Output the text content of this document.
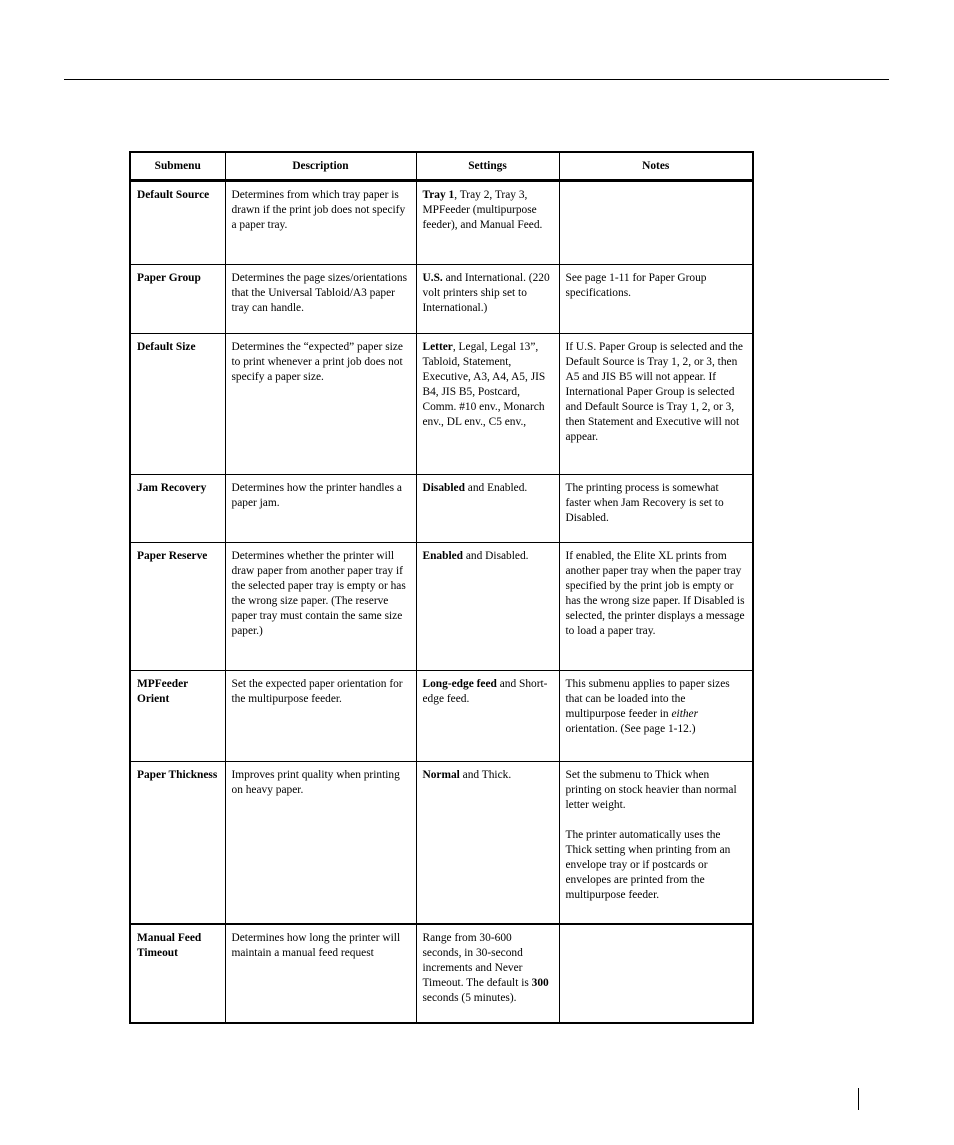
Submenu	Description	Settings	Notes
Default Source	Determines from which tray paper is drawn if the print job does not specify a paper tray.	Tray 1, Tray 2, Tray 3, MPFeeder (multipurpose feeder), and Manual Feed.	
Paper Group	Determines the page sizes/orientations that the Universal Tabloid/A3 paper tray can handle.	U.S. and International. (220 volt printers ship set to International.)	See page 1-11 for Paper Group specifications.
Default Size	Determines the “expected” paper size to print whenever a print job does not specify a paper size.	Letter, Legal, Legal 13”, Tabloid, Statement, Executive, A3, A4, A5, JIS B4, JIS B5, Postcard, Comm. #10 env., Monarch env., DL env., C5 env.,	If U.S. Paper Group is selected and the Default Source is Tray 1, 2, or 3, then A5 and JIS B5 will not appear. If International Paper Group is selected and Default Source is Tray 1, 2, or 3, then Statement and Executive will not appear.
Jam Recovery	Determines how the printer handles a paper jam.	Disabled and Enabled.	The printing process is somewhat faster when Jam Recovery is set to Disabled.
Paper Reserve	Determines whether the printer will draw paper from another paper tray if the selected paper tray is empty or has the wrong size paper. (The reserve paper tray must contain the same size paper.)	Enabled and Disabled.	If enabled, the Elite XL prints from another paper tray when the paper tray specified by the print job is empty or has the wrong size paper. If Disabled is selected, the printer displays a message to load a paper tray.
MPFeeder Orient	Set the expected paper orientation for the multipurpose feeder.	Long-edge feed and Short-edge feed.	This submenu applies to paper sizes that can be loaded into the multipurpose feeder in either orientation. (See page 1-12.)
Paper Thickness	Improves print quality when printing on heavy paper.	Normal and Thick.	Set the submenu to Thick when printing on stock heavier than normal letter weight.
The printer automatically uses the Thick setting when printing from an envelope tray or if postcards or envelopes are printed from the multipurpose feeder.

Manual Feed Timeout	Determines how long the printer will maintain a manual feed request	Range from 30-600 seconds, in 30-second increments and Never Timeout. The default is 300 seconds (5 minutes).	
